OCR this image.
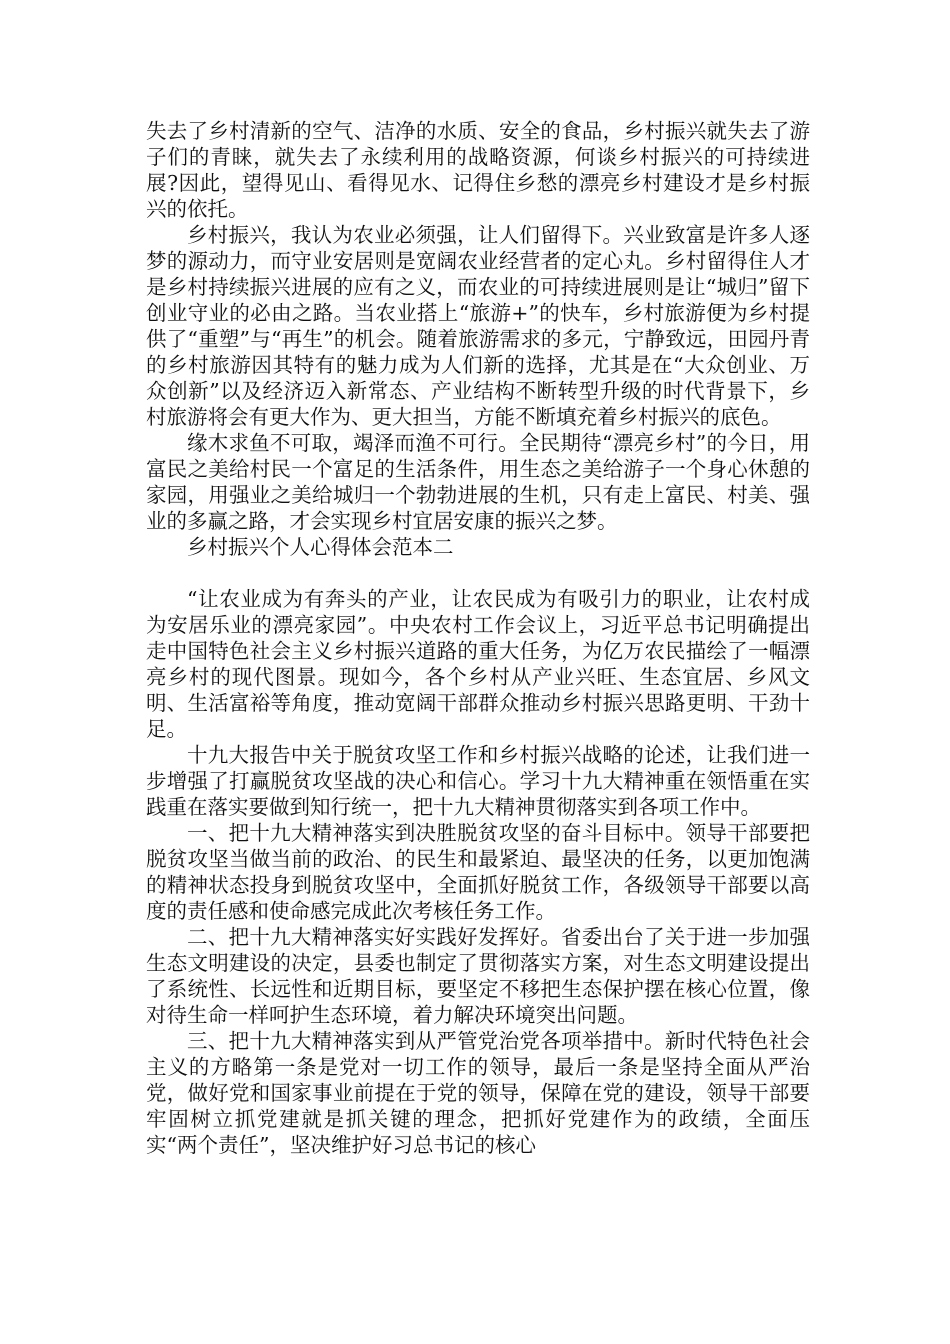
失去了乡村清新的空气、洁净的水质、安全的食品，乡村振兴就失去了游子们的青睐，就失去了永续利用的战略资源，何谈乡村振兴的可持续进展?因此，望得见山、看得见水、记得住乡愁的漂亮乡村建设才是乡村振兴的依托。

乡村振兴，我认为农业必须强，让人们留得下。兴业致富是许多人逐梦的源动力，而守业安居则是宽阔农业经营者的定心丸。乡村留得住人才是乡村持续振兴进展的应有之义，而农业的可持续进展则是让“城归”留下创业守业的必由之路。当农业搭上“旅游+”的快车，乡村旅游便为乡村提供了“重塑”与“再生”的机会。随着旅游需求的多元，宁静致远，田园丹青的乡村旅游因其特有的魅力成为人们新的选择，尤其是在“大众创业、万众创新”以及经济迈入新常态、产业结构不断转型升级的时代背景下，乡村旅游将会有更大作为、更大担当，方能不断填充着乡村振兴的底色。

缘木求鱼不可取，竭泽而渔不可行。全民期待“漂亮乡村”的今日，用富民之美给村民一个富足的生活条件，用生态之美给游子一个身心休憩的家园，用强业之美给城归一个勃勃进展的生机，只有走上富民、村美、强业的多赢之路，才会实现乡村宜居安康的振兴之梦。

乡村振兴个人心得体会范本二

“让农业成为有奔头的产业，让农民成为有吸引力的职业，让农村成为安居乐业的漂亮家园”。中央农村工作会议上，习近平总书记明确提出走中国特色社会主义乡村振兴道路的重大任务，为亿万农民描绘了一幅漂亮乡村的现代图景。现如今，各个乡村从产业兴旺、生态宜居、乡风文明、生活富裕等角度，推动宽阔干部群众推动乡村振兴思路更明、干劲十足。

十九大报告中关于脱贫攻坚工作和乡村振兴战略的论述，让我们进一步增强了打赢脱贫攻坚战的决心和信心。学习十九大精神重在领悟重在实践重在落实要做到知行统一，把十九大精神贯彻落实到各项工作中。

一、把十九大精神落实到决胜脱贫攻坚的奋斗目标中。领导干部要把脱贫攻坚当做当前的政治、的民生和最紧迫、最坚决的任务，以更加饱满的精神状态投身到脱贫攻坚中，全面抓好脱贫工作，各级领导干部要以高度的责任感和使命感完成此次考核任务工作。

二、把十九大精神落实好实践好发挥好。省委出台了关于进一步加强生态文明建设的决定，县委也制定了贯彻落实方案，对生态文明建设提出了系统性、长远性和近期目标，要坚定不移把生态保护摆在核心位置，像对待生命一样呵护生态环境，着力解决环境突出问题。

三、把十九大精神落实到从严管党治党各项举措中。新时代特色社会主义的方略第一条是党对一切工作的领导，最后一条是坚持全面从严治党，做好党和国家事业前提在于党的领导，保障在党的建设，领导干部要牢固树立抓党建就是抓关键的理念，把抓好党建作为的政绩，全面压实“两个责任”，坚决维护好习总书记的核心
